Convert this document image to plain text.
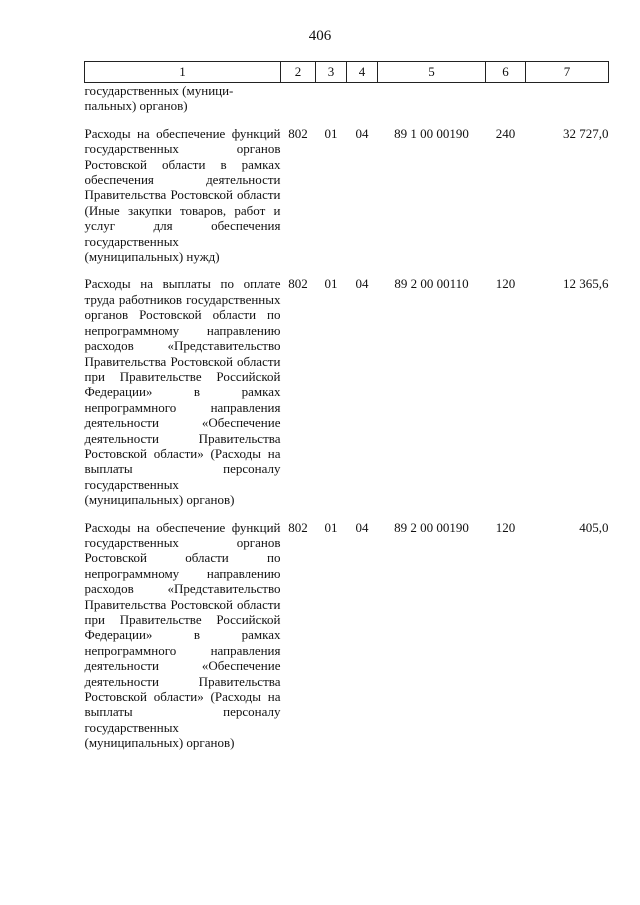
406
1	2	3	4	5	6	7

государственных (муници-
пальных) органов)						

Расходы на обеспечение функций государственных органов Ростовской области в рамках обеспечения деятельности Правительства Ростовской области (Иные закупки товаров, работ и услуг для обеспечения государственных (муниципальных) нужд)	802	01	04	89 1 00 00190	240	32 727,0
Расходы на выплаты по оплате труда работников государственных органов Ростовской области по непрограммному направлению расходов «Представительство Правительства Ростовской области при Правительстве Российской Федерации» в рамках непрограммного направления деятельности «Обеспечение деятельности Правительства Ростовской области» (Расходы на выплаты персоналу государственных (муниципальных) органов)	802	01	04	89 2 00 00110	120	12 365,6
Расходы на обеспечение функций государственных органов Ростовской области по непрограммному направлению расходов «Представительство Правительства Ростовской области при Правительстве Российской Федерации» в рамках непрограммного направления деятельности «Обеспечение деятельности Правительства Ростовской области» (Расходы на выплаты персоналу государственных (муниципальных) органов)	802	01	04	89 2 00 00190	120	405,0
